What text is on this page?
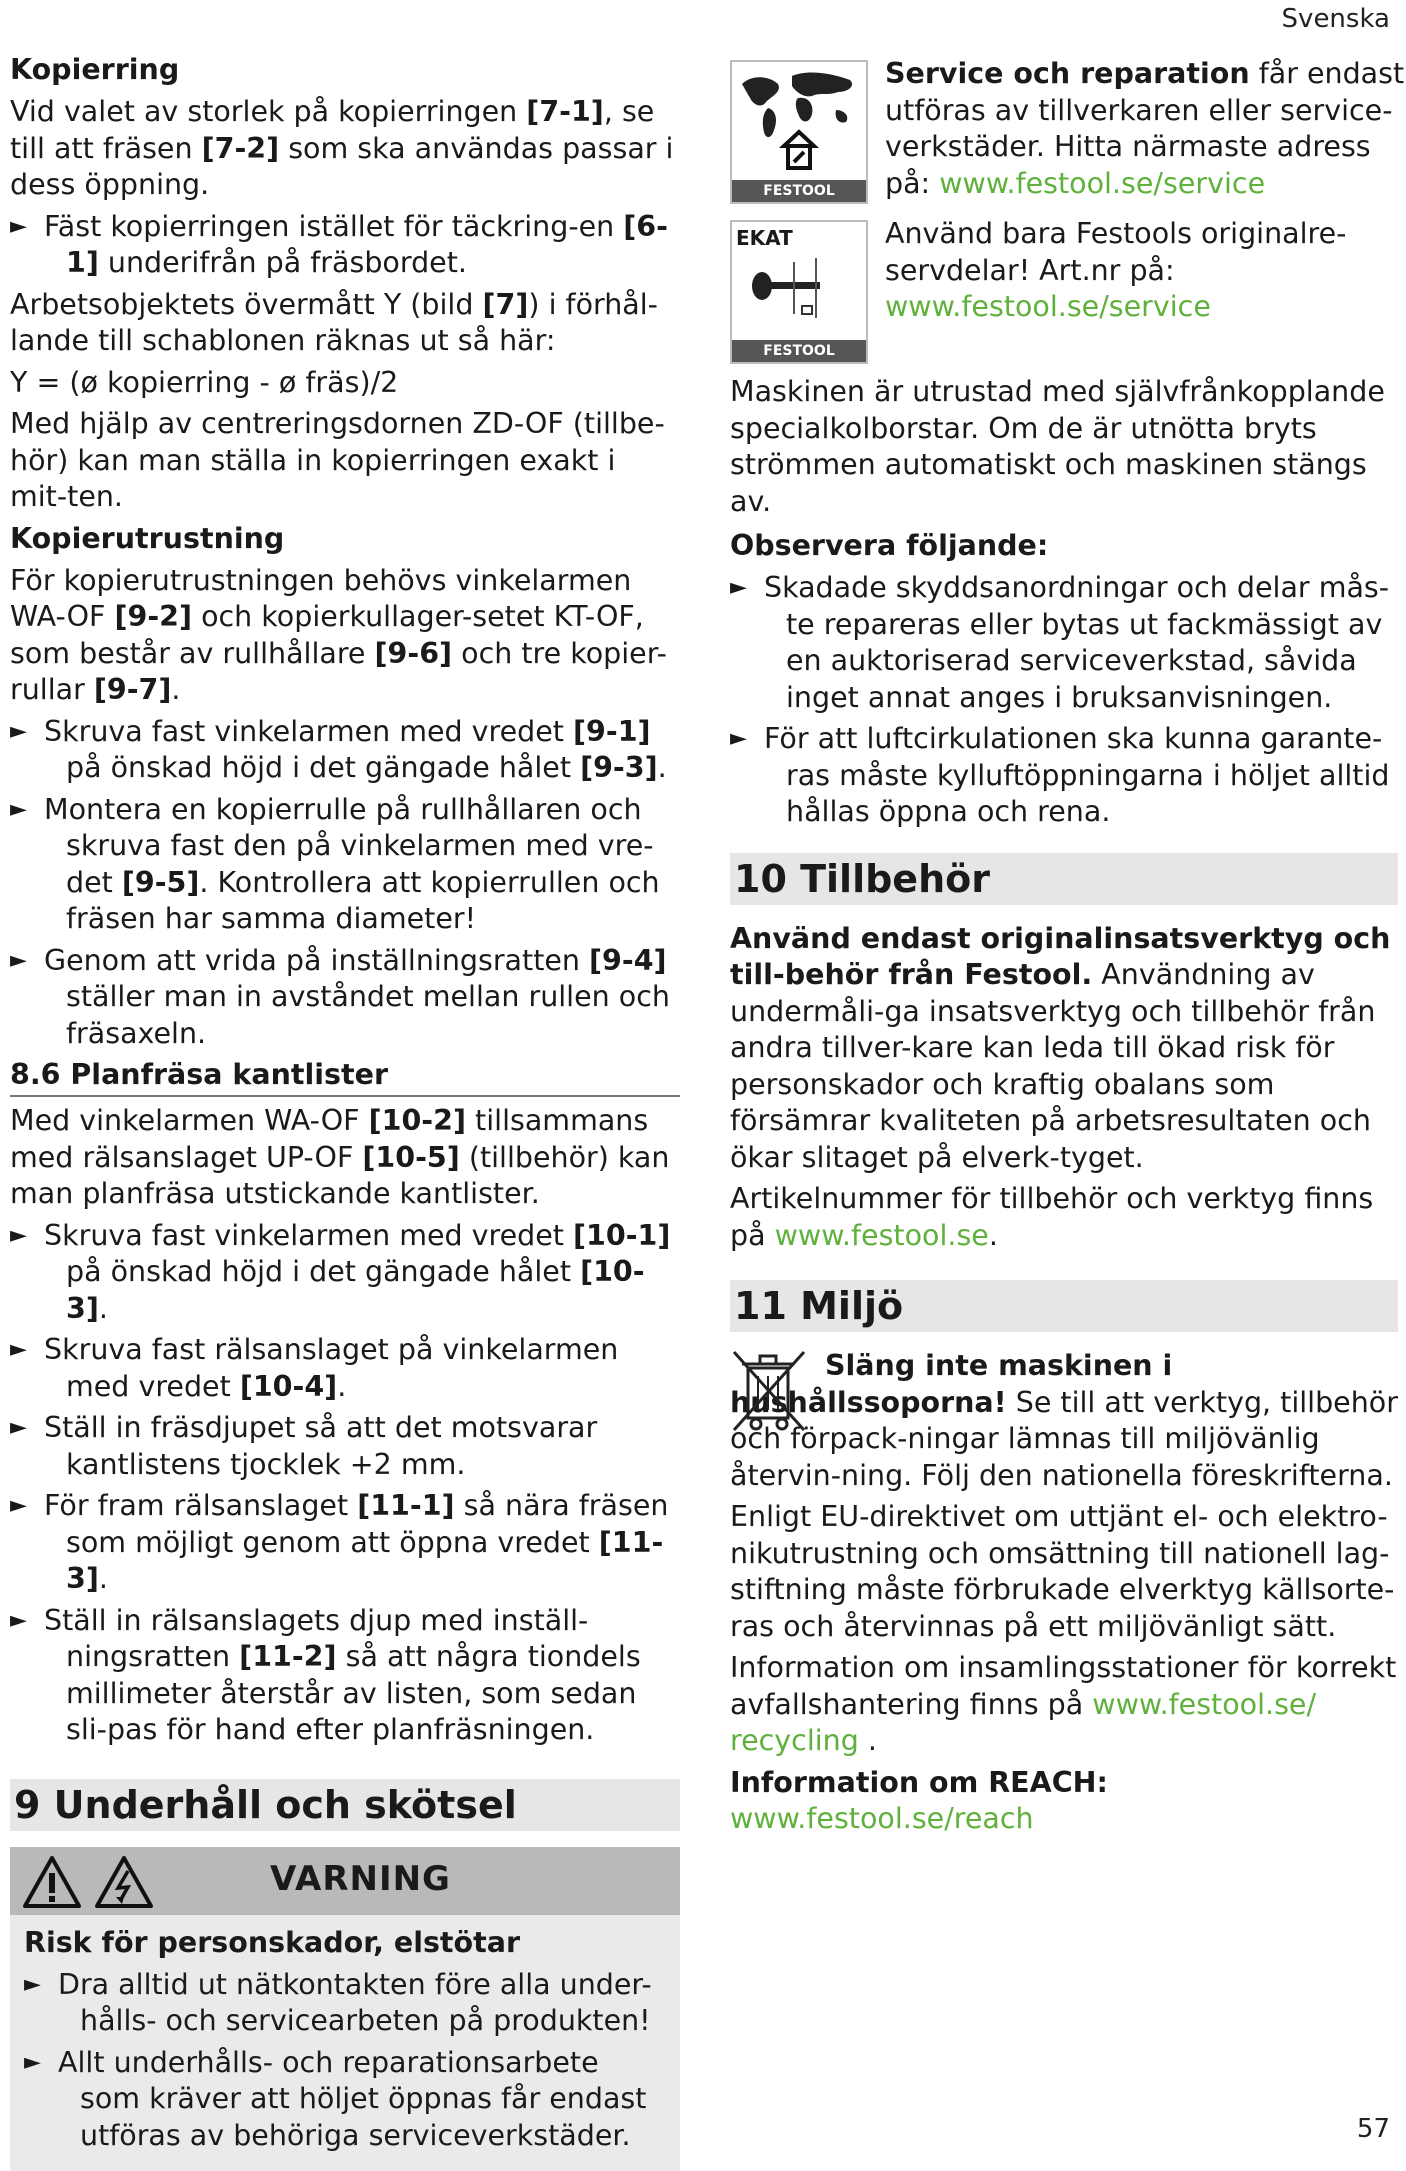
Svenska
Kopierring

Vid valet av storlek på kopierringen [7-1], se till att fräsen [7-2] som ska användas passar i dess öppning.

► Fäst kopierringen istället för täckring-en [6-1] underifrån på fräsbordet.

Arbetsobjektets övermått Y (bild [7]) i förhål-lande till schablonen räknas ut så här:

Y = (ø kopierring - ø fräs)/2

Med hjälp av centreringsdornen ZD-OF (tillbe-hör) kan man ställa in kopierringen exakt i mit-ten.

Kopierutrustning

För kopierutrustningen behövs vinkelarmen WA-OF [9-2] och kopierkullager-setet KT-OF, som består av rullhållare [9-6] och tre kopier-rullar [9-7].

► Skruva fast vinkelarmen med vredet [9-1] på önskad höjd i det gängade hålet [9-3].
► Montera en kopierrulle på rullhållaren och skruva fast den på vinkelarmen med vre-det [9-5]. Kontrollera att kopierrullen och fräsen har samma diameter!
► Genom att vrida på inställningsratten [9-4] ställer man in avståndet mellan rullen och fräsaxeln.
8.6 Planfräsa kantlister

Med vinkelarmen WA-OF [10-2] tillsammans med rälsanslaget UP-OF [10-5] (tillbehör) kan man planfräsa utstickande kantlister.

► Skruva fast vinkelarmen med vredet [10-1] på önskad höjd i det gängade hålet [10-3].
► Skruva fast rälsanslaget på vinkelarmen med vredet [10-4].
► Ställ in fräsdjupet så att det motsvarar kantlistens tjocklek +2 mm.
► För fram rälsanslaget [11-1] så nära fräsen som möjligt genom att öppna vredet [11-3].
► Ställ in rälsanslagets djup med inställ-ningsratten [11-2] så att några tiondels millimeter återstår av listen, som sedan sli-pas för hand efter planfräsningen.
9 Underhåll och skötsel
VARNING
Risk för personskador, elstötar
► Dra alltid ut nätkontakten före alla under-hålls- och servicearbeten på produkten!
► Allt underhålls- och reparationsarbete som kräver att höljet öppnas får endast utföras av behöriga serviceverkstäder.
FESTOOL

Service och reparation får endast utföras av tillverkaren eller service-verkstäder. Hitta närmaste adress på: www.festool.se/service

EKAT
FESTOOL

Använd bara Festools originalre-servdelar! Art.nr på: www.festool.se/service

Maskinen är utrustad med självfrånkopplande specialkolborstar. Om de är utnötta bryts strömmen automatiskt och maskinen stängs av.

Observera följande:
► Skadade skyddsanordningar och delar mås-te repareras eller bytas ut fackmässigt av en auktoriserad serviceverkstad, såvida inget annat anges i bruksanvisningen.
► För att luftcirkulationen ska kunna garante-ras måste kylluftöppningarna i höljet alltid hållas öppna och rena.
10 Tillbehör

Använd endast originalinsatsverktyg och till-behör från Festool. Användning av undermåli-ga insatsverktyg och tillbehör från andra tillver-kare kan leda till ökad risk för personskador och kraftig obalans som försämrar kvaliteten på arbetsresultaten och ökar slitaget på elverk-tyget.

Artikelnummer för tillbehör och verktyg finns på www.festool.se.

11 Miljö

Släng inte maskinen i hushållssoporna! Se till att verktyg, tillbehör och förpack-ningar lämnas till miljövänlig återvin-ning. Följ den nationella föreskrifterna.

Enligt EU-direktivet om uttjänt el- och elektro-nikutrustning och omsättning till nationell lag-stiftning måste förbrukade elverktyg källsorte-ras och återvinnas på ett miljövänligt sätt.

Information om insamlingsstationer för korrekt avfallshantering finns på www.festool.se/ recycling .

Information om REACH: www.festool.se/reach

57
